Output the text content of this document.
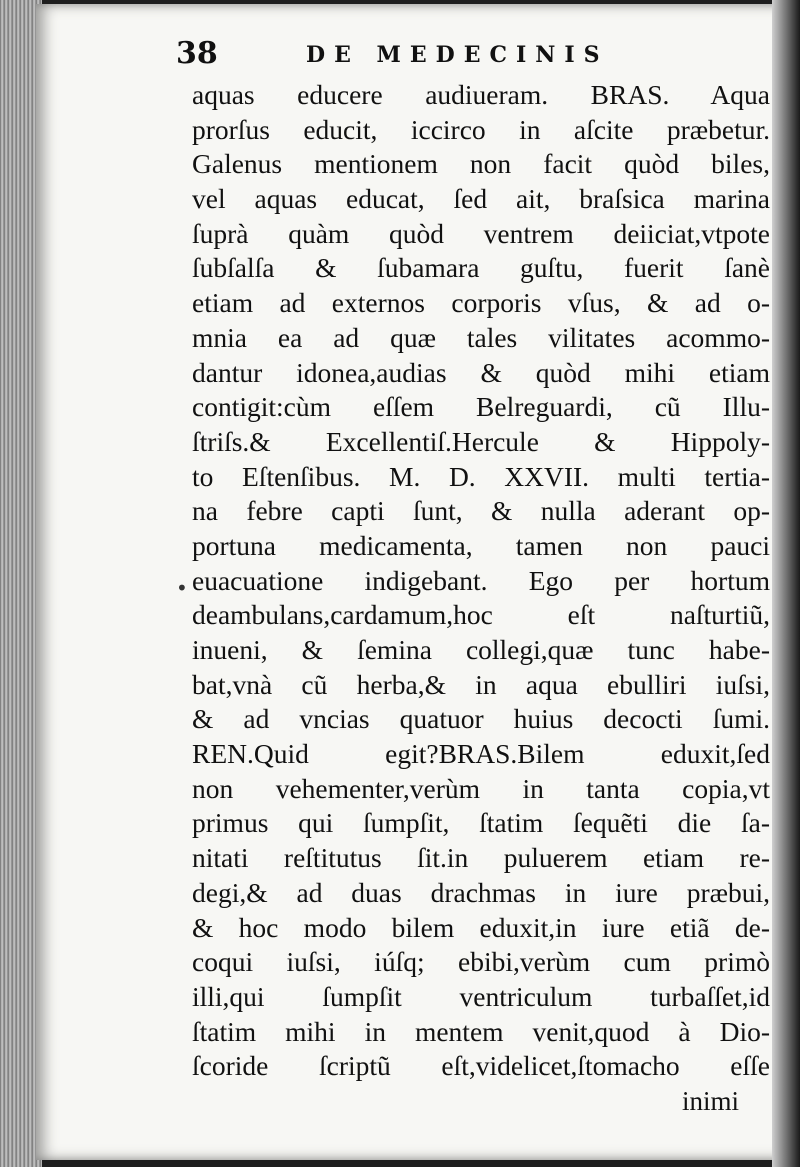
38	DE MEDECINIS
•
aquas educere audiueram. BRAS. Aqua
prorſus educit, iccirco in aſcite præbetur.
Galenus mentionem non facit quòd biles,
vel aquas educat, ſed ait, braſsica marina
ſuprà quàm quòd ventrem deiiciat,vtpote
ſubſalſa & ſubamara guſtu, fuerit ſanè
etiam ad externos corporis vſus, & ad o-
mnia ea ad quæ tales vilitates acommo-
dantur idonea,audias & quòd mihi etiam
contigit:cùm eſſem Belreguardi, cũ Illu-
ſtriſs.& Excellentiſ.Hercule & Hippoly-
to Eſtenſibus. M. D. XXVII. multi tertia-
na febre capti ſunt, & nulla aderant op-
portuna medicamenta, tamen non pauci
euacuatione indigebant. Ego per hortum
deambulans,cardamum,hoc eſt naſturtiũ,
inueni, & ſemina collegi,quæ tunc habe-
bat,vnà cũ herba,& in aqua ebulliri iuſsi,
& ad vncias quatuor huius decocti ſumi.
REN.Quid egit?BRAS.Bilem eduxit,ſed
non vehementer,verùm in tanta copia,vt
primus qui ſumpſit, ſtatim ſequẽti die ſa-
nitati reſtitutus ſit.in puluerem etiam re-
degi,& ad duas drachmas in iure præbui,
& hoc modo bilem eduxit,in iure etiã de-
coqui iuſsi, iúſq; ebibi,verùm cum primò
illi,qui ſumpſit ventriculum turbaſſet,id
ſtatim mihi in mentem venit,quod à Dio-
ſcoride ſcriptũ eſt,videlicet,ſtomacho eſſe
inimi
